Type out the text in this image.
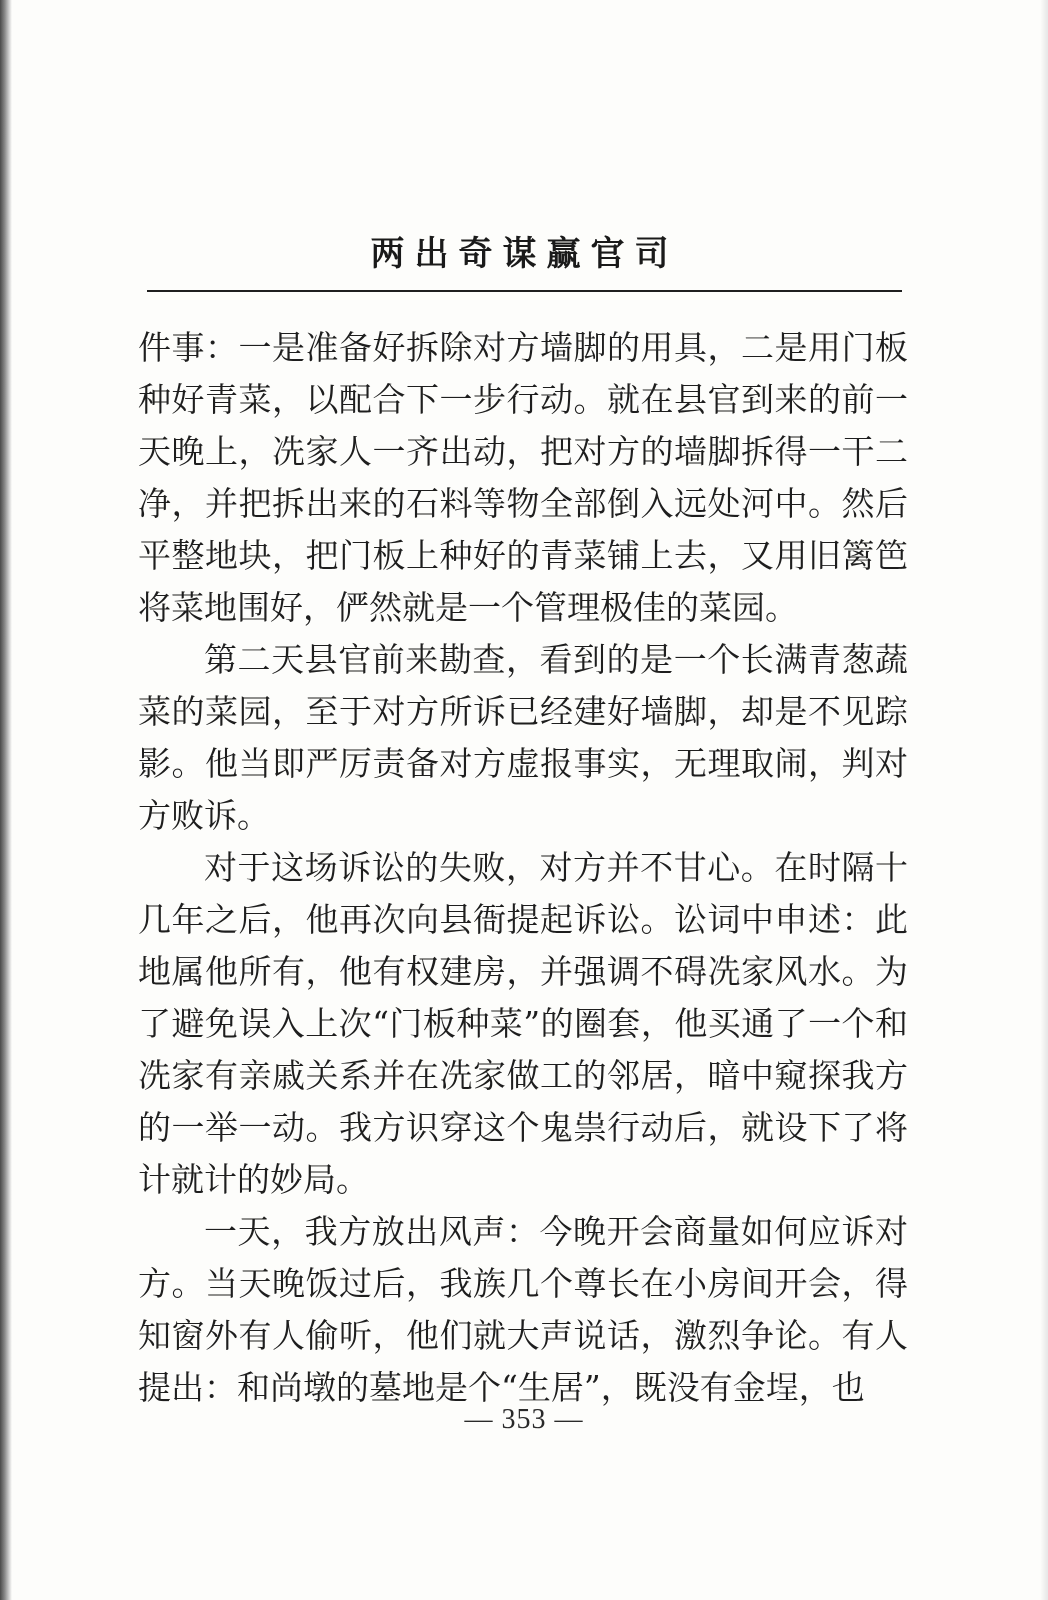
两出奇谋赢官司

件事：一是准备好拆除对方墙脚的用具，二是用门板种好青菜，以配合下一步行动。就在县官到来的前一天晚上，冼家人一齐出动，把对方的墙脚拆得一干二净，并把拆出来的石料等物全部倒入远处河中。然后平整地块，把门板上种好的青菜铺上去，又用旧篱笆将菜地围好，俨然就是一个管理极佳的菜园。

第二天县官前来勘查，看到的是一个长满青葱蔬菜的菜园，至于对方所诉已经建好墙脚，却是不见踪影。他当即严厉责备对方虚报事实，无理取闹，判对方败诉。

对于这场诉讼的失败，对方并不甘心。在时隔十几年之后，他再次向县衙提起诉讼。讼词中申述：此地属他所有，他有权建房，并强调不碍冼家风水。为了避免误入上次“门板种菜”的圈套，他买通了一个和冼家有亲戚关系并在冼家做工的邻居，暗中窥探我方的一举一动。我方识穿这个鬼祟行动后，就设下了将计就计的妙局。

一天，我方放出风声：今晚开会商量如何应诉对方。当天晚饭过后，我族几个尊长在小房间开会，得知窗外有人偷听，他们就大声说话，激烈争论。有人提出：和尚墩的墓地是个“生居”，既没有金埕，也

— 353 —
